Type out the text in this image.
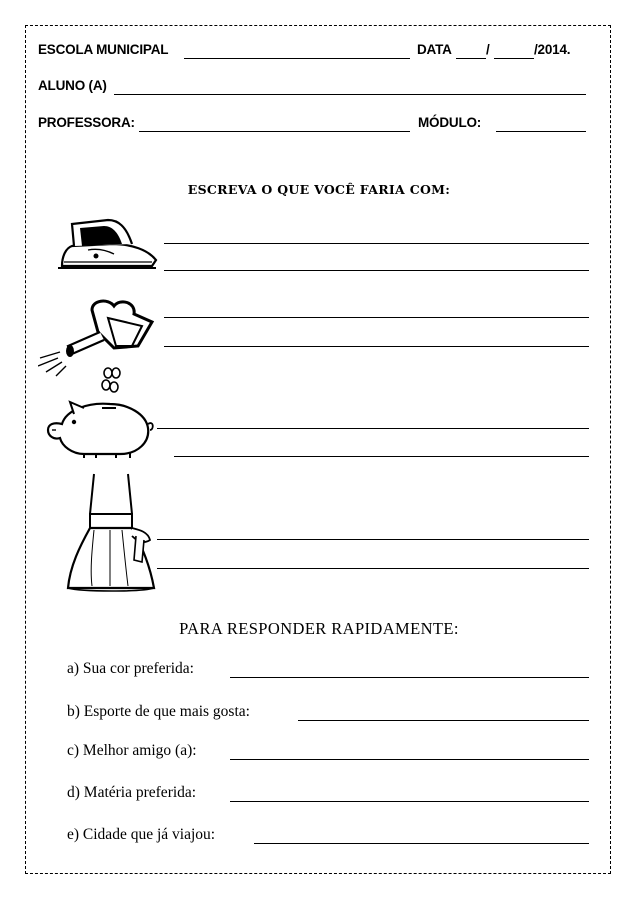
ESCOLA MUNICIPAL	DATA	/	/2014.
ALUNO (A)
PROFESSORA:	MÓDULO:
ESCREVA O QUE VOCÊ FARIA COM:
PARA RESPONDER RAPIDAMENTE:
a) Sua cor preferida:
b) Esporte de que mais gosta:
c) Melhor amigo (a):
d) Matéria preferida:
e) Cidade que já viajou:
